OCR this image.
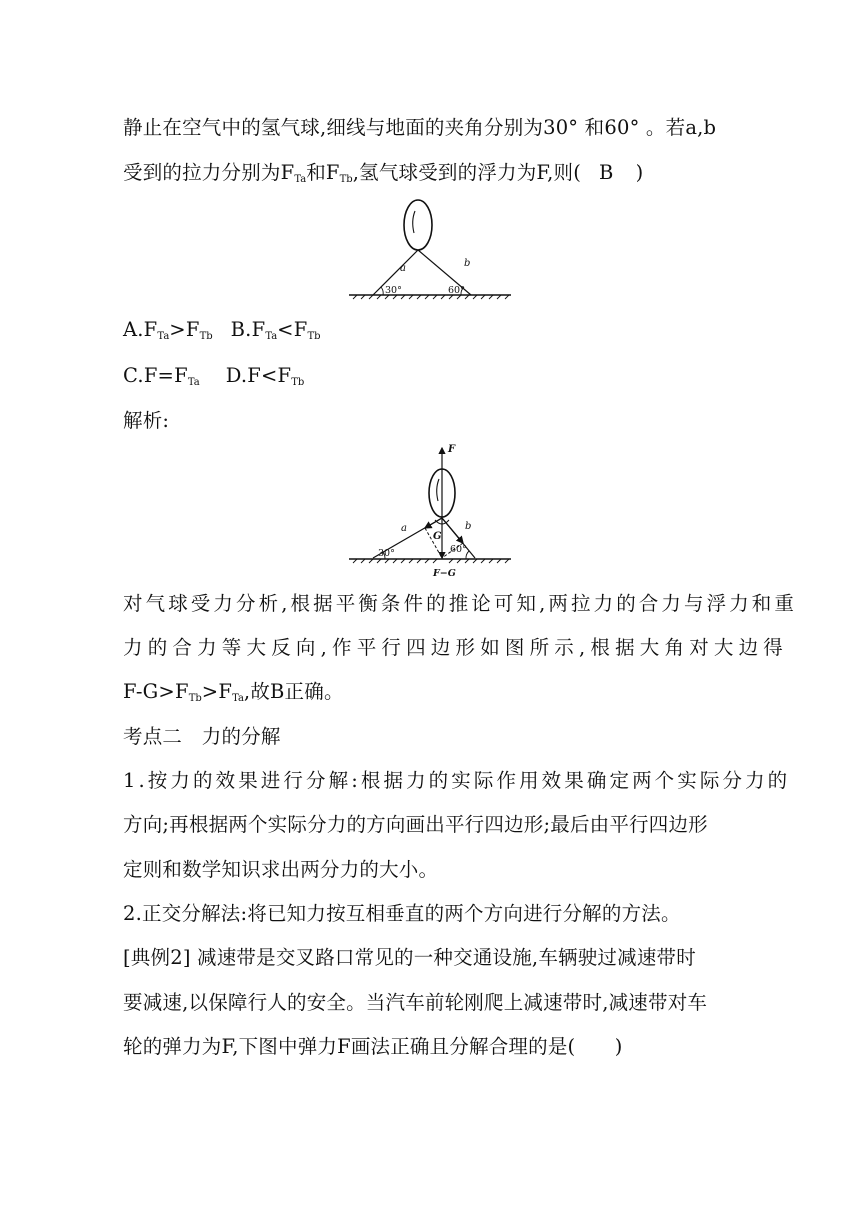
静止在空气中的氢气球,细线与地面的夹角分别为30° 和60° 。若a,b
受到的拉力分别为$F_{Ta}$和$F_{Tb}$,氢气球受到的浮力为F,则( B )
a	b
30°	60°
$A.F_{Ta}>F_{Tb}$ $B.F_{Ta}<F_{Tb}$
$C.F=F_{Ta}$ $D.F<F_{Tb}$
解析:
F
a	b
G
30°	60°
F−G
对气球受力分析,根据平衡条件的推论可知,两拉力的合力与浮力和重
力的合力等大反向,作平行四边形如图所示,根据大角对大边得
$F-G>F_{Tb}>F_{Ta}$,故B正确。
考点二　力的分解
1.按力的效果进行分解:根据力的实际作用效果确定两个实际分力的
方向;再根据两个实际分力的方向画出平行四边形;最后由平行四边形
定则和数学知识求出两分力的大小。
2.正交分解法:将已知力按互相垂直的两个方向进行分解的方法。
[典例2] 减速带是交叉路口常见的一种交通设施,车辆驶过减速带时
要减速,以保障行人的安全。当汽车前轮刚爬上减速带时,减速带对车
轮的弹力为F,下图中弹力F画法正确且分解合理的是(　　)
